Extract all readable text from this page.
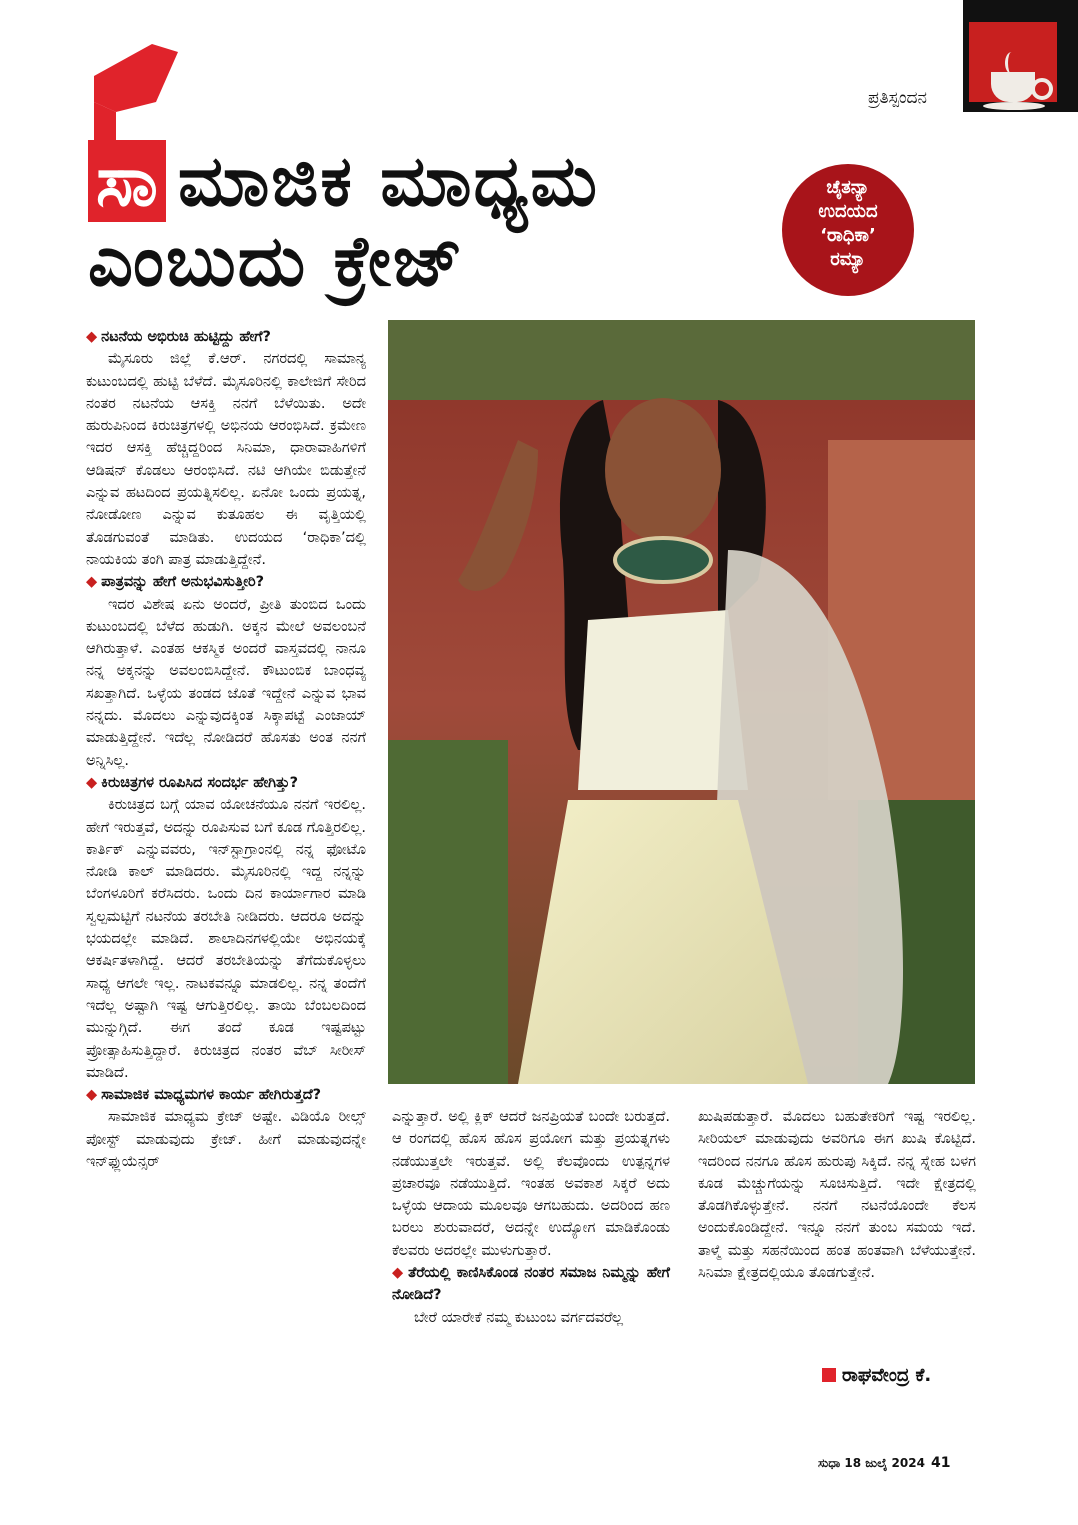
ಪ್ರತಿಸ್ಪಂದನ
ಸಾ ಮಾಜಿಕ ಮಾಧ್ಯಮ
ಎಂಬುದು ಕ್ರೇಜ್
ಚೈತನ್ಯಾ
ಉದಯದ
‘ರಾಧಿಕಾ’
ರಮ್ಯಾ

◆ ನಟನೆಯ ಅಭಿರುಚಿ ಹುಟ್ಟಿದ್ದು ಹೇಗೆ?

ಮೈಸೂರು ಜಿಲ್ಲೆ ಕೆ.ಆರ್. ನಗರದಲ್ಲಿ ಸಾಮಾನ್ಯ ಕುಟುಂಬದಲ್ಲಿ ಹುಟ್ಟಿ ಬೆಳೆದೆ. ಮೈಸೂರಿನಲ್ಲಿ ಕಾಲೇಜಿಗೆ ಸೇರಿದ ನಂತರ ನಟನೆಯ ಆಸಕ್ತಿ ನನಗೆ ಬೆಳೆಯಿತು. ಅದೇ ಹುರುಪಿನಿಂದ ಕಿರುಚಿತ್ರಗಳಲ್ಲಿ ಅಭಿನಯ ಆರಂಭಿಸಿದೆ. ಕ್ರಮೇಣ ಇದರ ಆಸಕ್ತಿ ಹೆಚ್ಚಿದ್ದರಿಂದ ಸಿನಿಮಾ, ಧಾರಾವಾಹಿಗಳಿಗೆ ಆಡಿಷನ್ ಕೊಡಲು ಆರಂಭಿಸಿದೆ. ನಟಿ ಆಗಿಯೇ ಬಿಡುತ್ತೇನೆ ಎನ್ನುವ ಹಟದಿಂದ ಪ್ರಯತ್ನಿಸಲಿಲ್ಲ. ಏನೋ ಒಂದು ಪ್ರಯತ್ನ, ನೋಡೋಣ ಎನ್ನುವ ಕುತೂಹಲ ಈ ವೃತ್ತಿಯಲ್ಲಿ ತೊಡಗುವಂತೆ ಮಾಡಿತು. ಉದಯದ ‘ರಾಧಿಕಾ’ದಲ್ಲಿ ನಾಯಕಿಯ ತಂಗಿ ಪಾತ್ರ ಮಾಡುತ್ತಿದ್ದೇನೆ.

◆ ಪಾತ್ರವನ್ನು ಹೇಗೆ ಅನುಭವಿಸುತ್ತೀರಿ?

ಇದರ ವಿಶೇಷ ಏನು ಅಂದರೆ, ಪ್ರೀತಿ ತುಂಬಿದ ಒಂದು ಕುಟುಂಬದಲ್ಲಿ ಬೆಳೆದ ಹುಡುಗಿ. ಅಕ್ಕನ ಮೇಲೆ ಅವಲಂಬನೆ ಆಗಿರುತ್ತಾಳೆ. ಎಂತಹ ಆಕಸ್ಮಿಕ ಅಂದರೆ ವಾಸ್ತವದಲ್ಲಿ ನಾನೂ ನನ್ನ ಅಕ್ಕನನ್ನು ಅವಲಂಬಿಸಿದ್ದೇನೆ. ಕೌಟುಂಬಿಕ ಬಾಂಧವ್ಯ ಸಖತ್ತಾಗಿದೆ. ಒಳ್ಳೆಯ ತಂಡದ ಜೊತೆ ಇದ್ದೇನೆ ಎನ್ನುವ ಭಾವ ನನ್ನದು. ಮೊದಲು ಎನ್ನುವುದಕ್ಕಿಂತ ಸಿಕ್ಕಾಪಟ್ಟೆ ಎಂಜಾಯ್ ಮಾಡುತ್ತಿದ್ದೇನೆ. ಇದೆಲ್ಲ ನೋಡಿದರೆ ಹೊಸತು ಅಂತ ನನಗೆ ಅನ್ನಿಸಿಲ್ಲ.

◆ ಕಿರುಚಿತ್ರಗಳ ರೂಪಿಸಿದ ಸಂದರ್ಭ ಹೇಗಿತ್ತು?

ಕಿರುಚಿತ್ರದ ಬಗ್ಗೆ ಯಾವ ಯೋಚನೆಯೂ ನನಗೆ ಇರಲಿಲ್ಲ. ಹೇಗೆ ಇರುತ್ತವೆ, ಅದನ್ನು ರೂಪಿಸುವ ಬಗೆ ಕೂಡ ಗೊತ್ತಿರಲಿಲ್ಲ. ಕಾರ್ತಿಕ್ ಎನ್ನುವವರು, ಇನ್‌ಸ್ಟಾಗ್ರಾಂನಲ್ಲಿ ನನ್ನ ಫೋಟೊ ನೋಡಿ ಕಾಲ್ ಮಾಡಿದರು. ಮೈಸೂರಿನಲ್ಲಿ ಇದ್ದ ನನ್ನನ್ನು ಬೆಂಗಳೂರಿಗೆ ಕರೆಸಿದರು. ಒಂದು ದಿನ ಕಾರ್ಯಾಗಾರ ಮಾಡಿ ಸ್ವಲ್ಪಮಟ್ಟಿಗೆ ನಟನೆಯ ತರಬೇತಿ ನೀಡಿದರು. ಆದರೂ ಅದನ್ನು ಭಯದಲ್ಲೇ ಮಾಡಿದೆ. ಶಾಲಾದಿನಗಳಲ್ಲಿಯೇ ಅಭಿನಯಕ್ಕೆ ಆಕರ್ಷಿತಳಾಗಿದ್ದೆ. ಆದರೆ ತರಬೇತಿಯನ್ನು ತೆಗೆದುಕೊಳ್ಳಲು ಸಾಧ್ಯ ಆಗಲೇ ಇಲ್ಲ. ನಾಟಕವನ್ನೂ ಮಾಡಲಿಲ್ಲ. ನನ್ನ ತಂದೆಗೆ ಇದೆಲ್ಲ ಅಷ್ಟಾಗಿ ಇಷ್ಟ ಆಗುತ್ತಿರಲಿಲ್ಲ. ತಾಯಿ ಬೆಂಬಲದಿಂದ ಮುನ್ನುಗ್ಗಿದೆ. ಈಗ ತಂದೆ ಕೂಡ ಇಷ್ಟಪಟ್ಟು ಪ್ರೋತ್ಸಾಹಿಸುತ್ತಿದ್ದಾರೆ. ಕಿರುಚಿತ್ರದ ನಂತರ ವೆಬ್ ಸೀರೀಸ್ ಮಾಡಿದೆ.

◆ ಸಾಮಾಜಿಕ ಮಾಧ್ಯಮಗಳ ಕಾರ್ಯ ಹೇಗಿರುತ್ತದೆ?

ಸಾಮಾಜಿಕ ಮಾಧ್ಯಮ ಕ್ರೇಜ್ ಅಷ್ಟೇ. ವಿಡಿಯೊ ರೀಲ್ಸ್ ಪೋಸ್ಟ್ ಮಾಡುವುದು ಕ್ರೇಜ್. ಹೀಗೆ ಮಾಡುವುದನ್ನೇ ಇನ್‌ಫ್ಲುಯೆನ್ಸರ್

ಎನ್ನುತ್ತಾರೆ. ಅಲ್ಲಿ ಕ್ಲಿಕ್ ಆದರೆ ಜನಪ್ರಿಯತೆ ಬಂದೇ ಬರುತ್ತದೆ. ಆ ರಂಗದಲ್ಲಿ ಹೊಸ ಹೊಸ ಪ್ರಯೋಗ ಮತ್ತು ಪ್ರಯತ್ನಗಳು ನಡೆಯುತ್ತಲೇ ಇರುತ್ತವೆ. ಅಲ್ಲಿ ಕೆಲವೊಂದು ಉತ್ಪನ್ನಗಳ ಪ್ರಚಾರವೂ ನಡೆಯುತ್ತಿದೆ. ಇಂತಹ ಅವಕಾಶ ಸಿಕ್ಕರೆ ಅದು ಒಳ್ಳೆಯ ಆದಾಯ ಮೂಲವೂ ಆಗಬಹುದು. ಅದರಿಂದ ಹಣ ಬರಲು ಶುರುವಾದರೆ, ಅದನ್ನೇ ಉದ್ಯೋಗ ಮಾಡಿಕೊಂಡು ಕೆಲವರು ಅದರಲ್ಲೇ ಮುಳುಗುತ್ತಾರೆ.

◆ ತೆರೆಯಲ್ಲಿ ಕಾಣಿಸಿಕೊಂಡ ನಂತರ ಸಮಾಜ ನಿಮ್ಮನ್ನು ಹೇಗೆ ನೋಡಿದೆ?

ಬೇರೆ ಯಾರೇಕೆ ನಮ್ಮ ಕುಟುಂಬ ವರ್ಗದವರೆಲ್ಲ

ಖುಷಿಪಡುತ್ತಾರೆ. ಮೊದಲು ಬಹುತೇಕರಿಗೆ ಇಷ್ಟ ಇರಲಿಲ್ಲ. ಸೀರಿಯಲ್ ಮಾಡುವುದು ಅವರಿಗೂ ಈಗ ಖುಷಿ ಕೊಟ್ಟಿದೆ. ಇದರಿಂದ ನನಗೂ ಹೊಸ ಹುರುಪು ಸಿಕ್ಕಿದೆ. ನನ್ನ ಸ್ನೇಹ ಬಳಗ ಕೂಡ ಮೆಚ್ಚುಗೆಯನ್ನು ಸೂಚಿಸುತ್ತಿದೆ. ಇದೇ ಕ್ಷೇತ್ರದಲ್ಲಿ ತೊಡಗಿಕೊಳ್ಳುತ್ತೇನೆ. ನನಗೆ ನಟನೆಯೊಂದೇ ಕೆಲಸ ಅಂದುಕೊಂಡಿದ್ದೇನೆ. ಇನ್ನೂ ನನಗೆ ತುಂಬ ಸಮಯ ಇದೆ. ತಾಳ್ಮೆ ಮತ್ತು ಸಹನೆಯಿಂದ ಹಂತ ಹಂತವಾಗಿ ಬೆಳೆಯುತ್ತೇನೆ. ಸಿನಿಮಾ ಕ್ಷೇತ್ರದಲ್ಲಿಯೂ ತೊಡಗುತ್ತೇನೆ.

ರಾಘವೇಂದ್ರ ಕೆ.
ಸುಧಾ 18 ಜುಲೈ 2024 41
